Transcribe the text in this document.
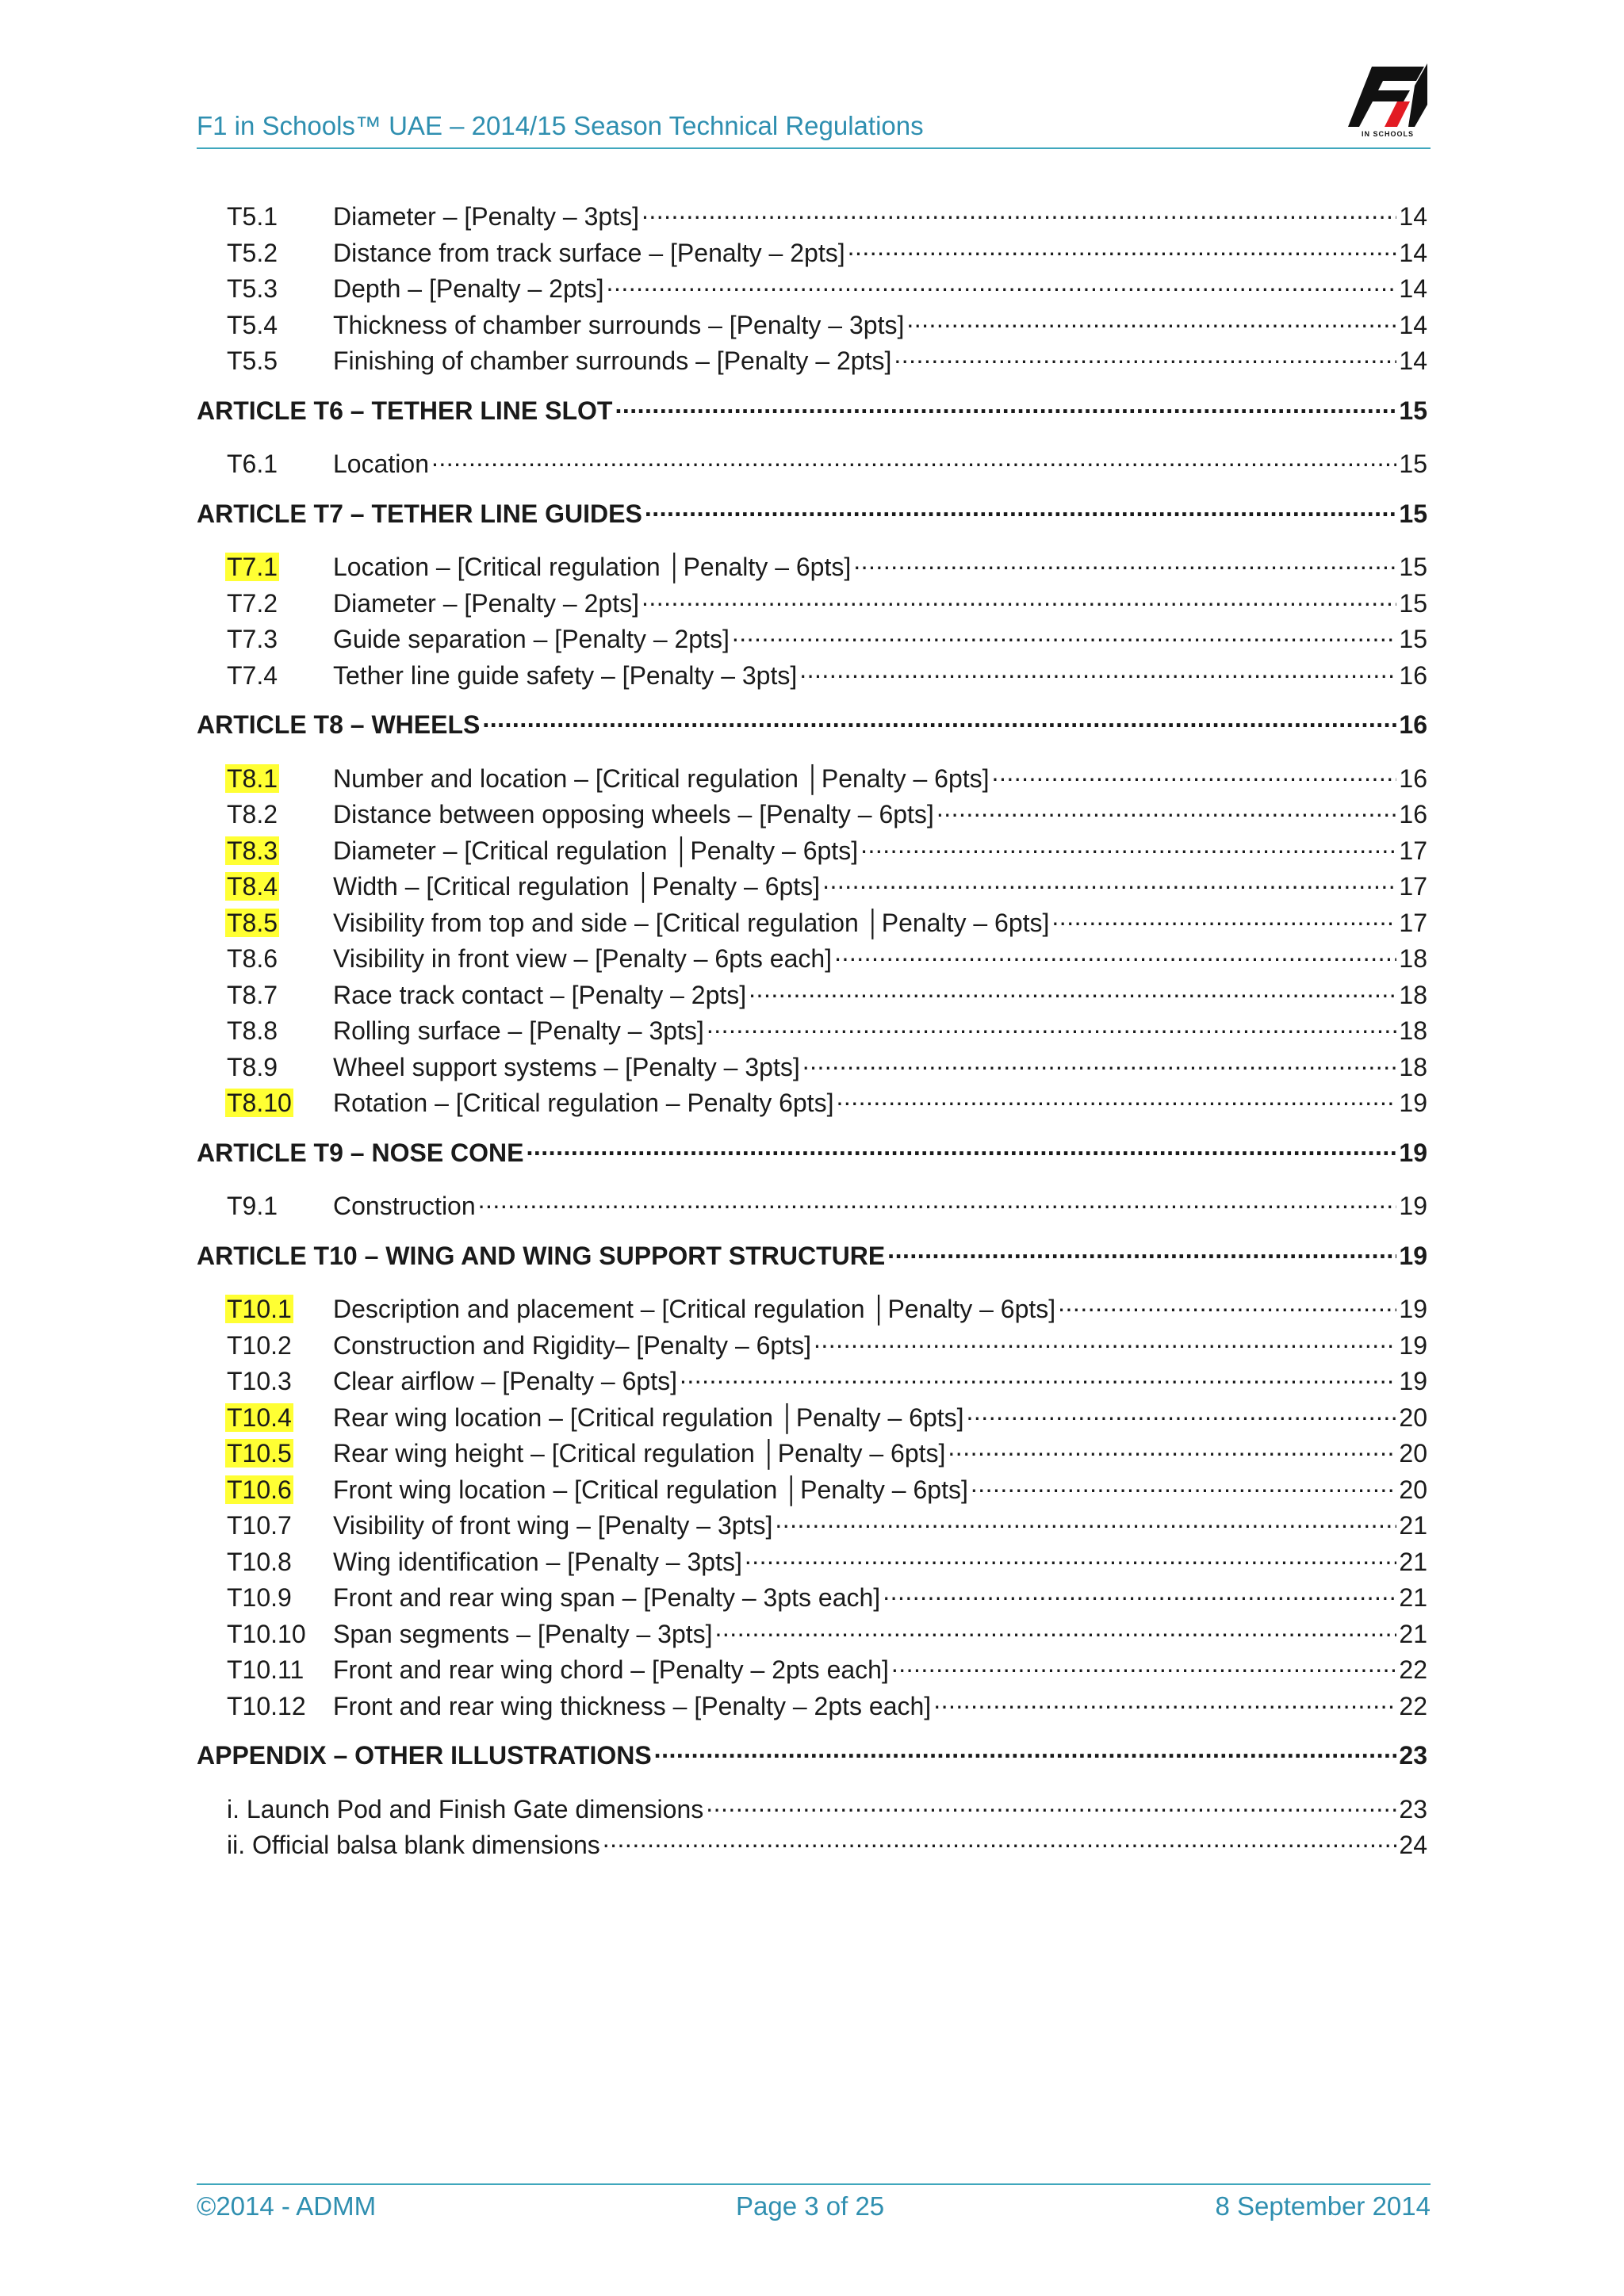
F1 in Schools™ UAE – 2014/15 Season Technical Regulations	IN SCHOOLS
T5.1	Diameter – [Penalty – 3pts] .....	14
T5.2	Distance from track surface – [Penalty – 2pts] .....	14
T5.3	Depth – [Penalty – 2pts] .....	14
T5.4	Thickness of chamber surrounds – [Penalty – 3pts] .....	14
T5.5	Finishing of chamber surrounds – [Penalty – 2pts] .....	14
ARTICLE T6 – TETHER LINE SLOT .....	15
T6.1	Location .....	15
ARTICLE T7 – TETHER LINE GUIDES .....	15
T7.1	Location – [Critical regulation │Penalty – 6pts] .....	15
T7.2	Diameter – [Penalty – 2pts] .....	15
T7.3	Guide separation – [Penalty – 2pts] .....	15
T7.4	Tether line guide safety – [Penalty – 3pts] .....	16
ARTICLE T8 – WHEELS .....	16
T8.1	Number and location – [Critical regulation │Penalty – 6pts] .....	16
T8.2	Distance between opposing wheels – [Penalty – 6pts] .....	16
T8.3	Diameter – [Critical regulation │Penalty – 6pts] .....	17
T8.4	Width – [Critical regulation │Penalty – 6pts] .....	17
T8.5	Visibility from top and side – [Critical regulation │Penalty – 6pts] .....	17
T8.6	Visibility in front view – [Penalty – 6pts each] .....	18
T8.7	Race track contact – [Penalty – 2pts] .....	18
T8.8	Rolling surface – [Penalty – 3pts] .....	18
T8.9	Wheel support systems – [Penalty – 3pts] .....	18
T8.10	Rotation – [Critical regulation – Penalty 6pts] .....	19
ARTICLE T9 – NOSE CONE .....	19
T9.1	Construction .....	19
ARTICLE T10 – WING AND WING SUPPORT STRUCTURE .....	19
T10.1	Description and placement – [Critical regulation │Penalty – 6pts] .....	19
T10.2	Construction and Rigidity– [Penalty – 6pts] .....	19
T10.3	Clear airflow – [Penalty – 6pts] .....	19
T10.4	Rear wing location – [Critical regulation │Penalty – 6pts] .....	20
T10.5	Rear wing height – [Critical regulation │Penalty – 6pts] .....	20
T10.6	Front wing location – [Critical regulation │Penalty – 6pts] .....	20
T10.7	Visibility of front wing – [Penalty – 3pts] .....	21
T10.8	Wing identification – [Penalty – 3pts] .....	21
T10.9	Front and rear wing span – [Penalty – 3pts each] .....	21
T10.10	Span segments – [Penalty – 3pts] .....	21
T10.11	Front and rear wing chord – [Penalty – 2pts each] .....	22
T10.12	Front and rear wing thickness – [Penalty – 2pts each] .....	22
APPENDIX – OTHER ILLUSTRATIONS .....	23
i. Launch Pod and Finish Gate dimensions .....	23
ii. Official balsa blank dimensions .....	24
©2014 - ADMM	Page 3 of 25	8 September 2014
